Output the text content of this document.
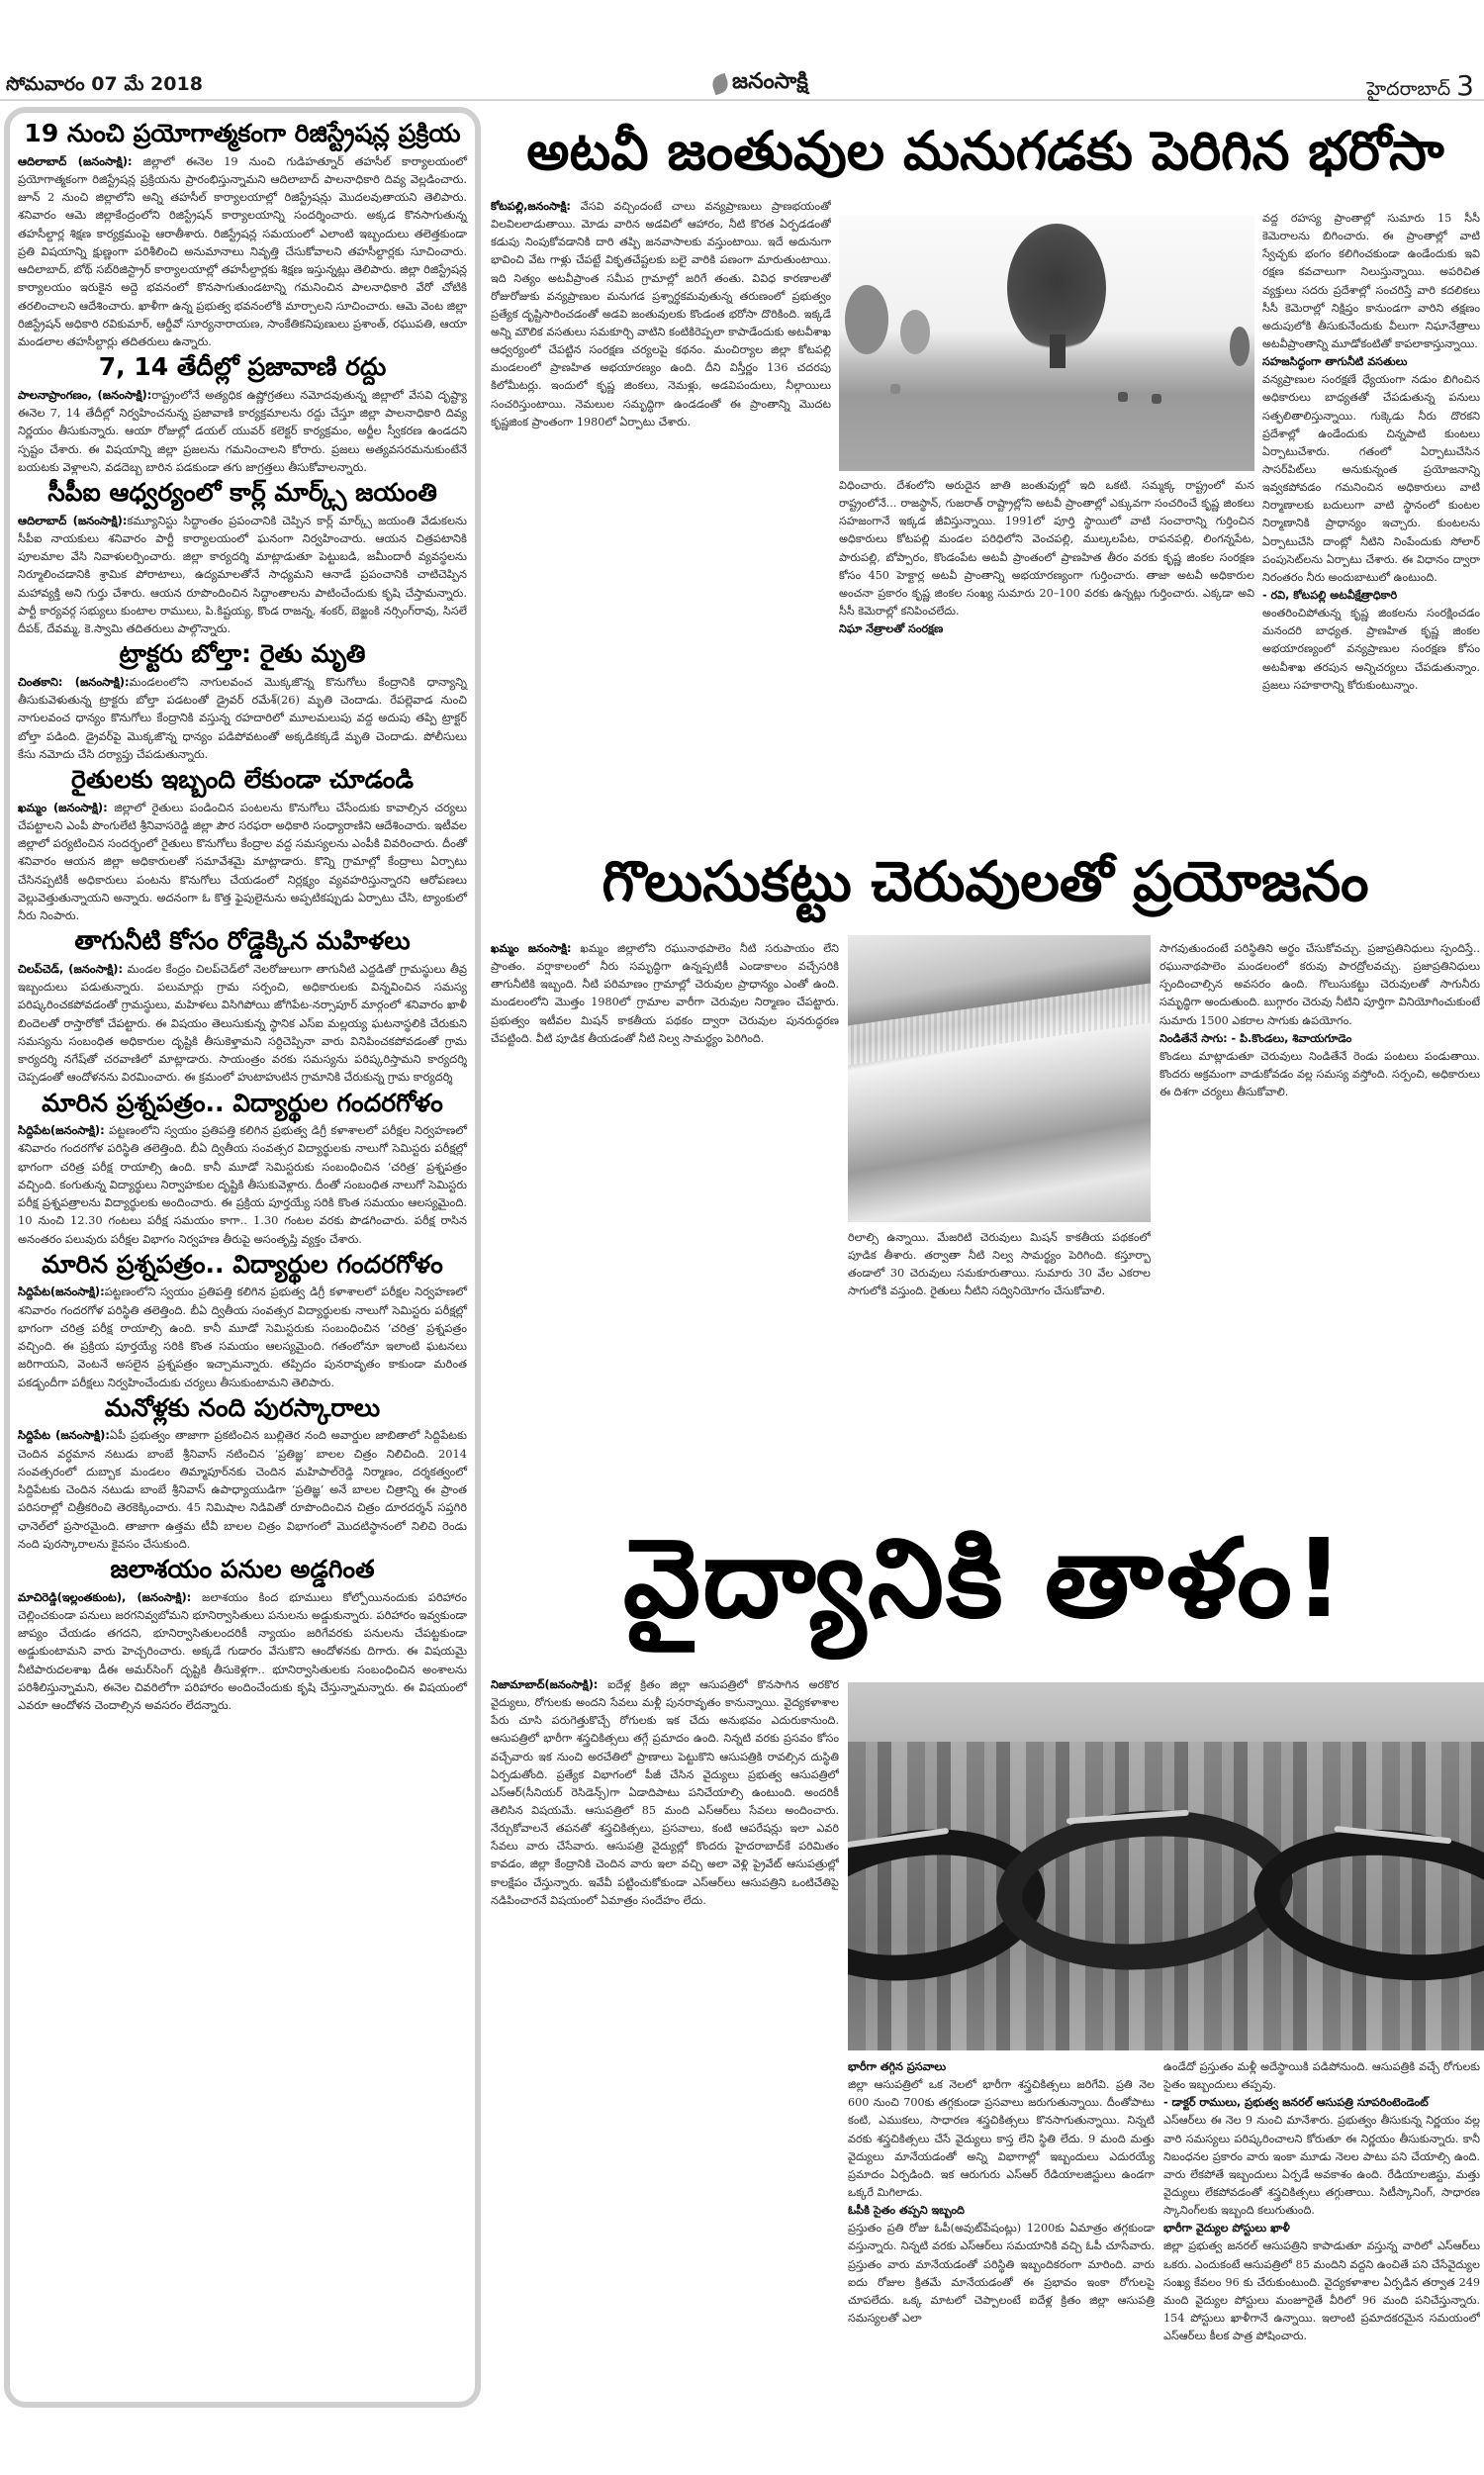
సోమవారం 07 మే 2018	జనంసాక్షి	హైదరాబాద్ 3
19 నుంచి ప్రయోగాత్మకంగా రిజిస్ట్రేషన్ల ప్రక్రియ

ఆదిలాబాద్ (జనంసాక్షి): జిల్లాలో ఈనెల 19 నుంచి గుడిహత్నూర్ తహసీల్ కార్యాలయంలో ప్రయోగాత్మకంగా రిజిస్ట్రేషన్ల ప్రక్రియను ప్రారంభిస్తున్నామని ఆదిలాబాద్ పాలనాధికారి దివ్య వెల్లడించారు. జూన్ 2 నుంచి జిల్లాలోని అన్ని తహసీల్ కార్యాలయాల్లో రిజిస్ట్రేషన్లు మొదలవుతాయని తెలిపారు. శనివారం ఆమె జిల్లాకేంద్రంలోని రిజిస్ట్రేషన్ కార్యాలయాన్ని సందర్శించారు. అక్కడ కొనసాగుతున్న తహసీల్దార్ల శిక్షణ కార్యక్రమంపై ఆరాతీశారు. రిజిస్ట్రేషన్ల సమయంలో ఎలాంటి ఇబ్బందులు తలెత్తకుండా ప్రతి విషయాన్ని క్షుణ్ణంగా పరిశీలించి అనుమానాలు నివృత్తి చేసుకోవాలని తహసీల్దార్లకు సూచించారు. ఆదిలాబాద్, బోథ్ సబ్‌రిజిస్ట్రార్ కార్యాలయాల్లో తహసీల్దార్లకు శిక్షణ ఇస్తున్నట్లు తెలిపారు. జిల్లా రిజిస్ట్రేషన్ల కార్యాలయం ఇరుకైన అద్దె భవనంలో కొనసాగుతుండటాన్ని గమనించిన పాలనాధికారి వేరో చోటికి తరలించాలని ఆదేశించారు. ఖాళీగా ఉన్న ప్రభుత్వ భవనంలోకి మార్చాలని సూచించారు. ఆమె వెంట జిల్లా రిజిస్ట్రేషన్ అధికారి రవికుమార్, ఆర్డీవో సూర్యనారాయణ, సాంకేతికనిపుణులు ప్రశాంత్, రఘుపతి, ఆయా మండలాల తహసీల్దార్లు తదితరులు ఉన్నారు.

7, 14 తేదీల్లో ప్రజావాణి రద్దు

పాలనాప్రాంగణం, (జనంసాక్షి):రాష్ట్రంలోనే అత్యధిక ఉష్ణోగ్రతలు నమోదవుతున్న జిల్లాలో వేసవి దృష్ట్యా ఈనెల 7, 14 తేదీల్లో నిర్వహించనున్న ప్రజావాణి కార్యక్రమాలను రద్దు చేస్తూ జిల్లా పాలనాధికారి దివ్య నిర్ణయం తీసుకున్నారు. ఆయా రోజుల్లో డయల్ యువర్ కలెక్టర్ కార్యక్రమం, అర్జీల స్వీకరణ ఉండదని స్పష్టం చేశారు. ఈ విషయాన్ని జిల్లా ప్రజలను గమనించాలని కోరారు. ప్రజలు అత్యవసరమనుకుంటేనే బయటకు వెళ్లాలని, వడదెబ్బ బారిన పడకుండా తగు జాగ్రత్తలు తీసుకోవాలన్నారు.

సీపీఐ ఆధ్వర్యంలో కార్ల్ మార్క్స్ జయంతి

ఆదిలాబాద్ (జనంసాక్షి):కమ్యూనిస్టు సిద్ధాంతం ప్రపంచానికి చెప్పిన కార్ల్ మార్క్స్ జయంతి వేడుకలను సీపీఐ నాయకులు శనివారం పార్టీ కార్యాలయంలో ఘనంగా నిర్వహించారు. ఆయన చిత్రపటానికి పూలమాల వేసి నివాళులర్పించారు. జిల్లా కార్యదర్శి మాట్లాడుతూ పెట్టుబడి, జమీందారీ వ్యవస్థలను నిర్మూలించడానికి శ్రామిక పోరాటాలు, ఉద్యమాలతోనే సాధ్యమని ఆనాడే ప్రపంచానికి చాటిచెప్పిన మహావ్యక్తి అని గుర్తు చేశారు. ఆయన రూపొందించిన సిద్ధాంతాలను పాటించేందుకు కృషి చేస్తామన్నారు. పార్టీ కార్యవర్గ సభ్యులు కుంటాల రాములు, పి.కిష్టయ్య, కొండ రాజన్న, శంకర్, బెజ్జంకి నర్సింగ్‌రావు, సిసలే దీపక్, దేవమ్మ, కె.స్వామి తదితరులు పాల్గొన్నారు.

ట్రాక్టరు బోల్తా: రైతు మృతి

చింతకాని: (జనంసాక్షి):మండలంలోని నాగులవంచ మొక్కజొన్న కొనుగోలు కేంద్రానికి ధాన్యాన్ని తీసుకువెళుతున్న ట్రాక్టరు బోల్తా పడటంతో డ్రైవర్ రమేశ్(26) మృతి చెందాడు. రేపల్లెవాడ నుంచి నాగులవంచ ధాన్యం కొనుగోలు కేంద్రానికి వస్తున్న రహదారిలో మూలమలుపు వద్ద అదుపు తప్పి ట్రాక్టర్ బోల్తా పడింది. డ్రైవర్‌పై మొక్కజొన్న ధాన్యం పడిపోవటంతో అక్కడికక్కడే మృతి చెందాడు. పోలీసులు కేసు నమోదు చేసి దర్యాప్తు చేపడుతున్నారు.

రైతులకు ఇబ్బంది లేకుండా చూడండి

ఖమ్మం (జనంసాక్షి): జిల్లాలో రైతులు పండించిన పంటలను కొనుగోలు చేసేందుకు కావాల్సిన చర్యలు చేపట్టాలని ఎంపీ పొంగులేటి శ్రీనివాసరెడ్డి జిల్లా పౌర సరఫరా అధికారి సంధ్యారాణిని ఆదేశించారు. ఇటీవల జిల్లాలో పర్యటించిన సందర్భంలో రైతులు కొనుగోలు కేంద్రాల వద్ద సమస్యలను ఎంపీకి వివరించారు. దీంతో శనివారం ఆయన జిల్లా అధికారులతో సమావేశమై మాట్లాడారు. కొన్ని గ్రామాల్లో కేంద్రాలు ఏర్పాటు చేసినప్పటికీ అధికారులు పంటను కొనుగోలు చేయడంలో నిర్లక్ష్యం వ్యవహరిస్తున్నారని ఆరోపణలు వెల్లువెత్తుతున్నాయని అన్నారు. అదనంగా ఓ కొత్త ఫైపులైనును అప్పటికప్పుడు ఏర్పాటు చేసి, ట్యాంకులో నీరు నింపారు.

తాగునీటి కోసం రోడ్డెక్కిన మహిళలు

చిలప్‌చెడ్, (జనంసాక్షి): మండల కేంద్రం చిలప్‌చెడ్‌లో నెలరోజులుగా తాగునీటి ఎద్దడితో గ్రామస్థులు తీవ్ర ఇబ్బందులు పడుతున్నారు. పలుమార్లు గ్రామ సర్పంచి, అధికారులకు విన్నవించిన సమస్య పరిష్కరించకపోవడంతో గ్రామస్థులు, మహిళలు విసిగిపోయి జోగిపేట-నర్సాపూర్ మార్గంలో శనివారం ఖాళీ బిందెలతో రాస్తారోకో చేపట్టారు. ఈ విషయం తెలుసుకున్న స్థానిక ఎస్ఐ మల్లయ్య ఘటనాస్థలికి చేరుకుని సమస్యను సంబంధిత అధికారుల దృష్టికి తీసుకెళ్తామని సర్దిచెప్పినా వారు వినిపించకపోవడంతో గ్రామ కార్యదర్శి నగేష్‌తో చరవాణిలో మాట్లాడారు. సాయంత్రం వరకు సమస్యను పరిష్కరిస్తామని కార్యదర్శి చెప్పడంతో ఆందోళనను విరమించారు. ఈ క్రమంలో హుటాహుటిన గ్రామానికి చేరుకున్న గ్రామ కార్యదర్శి

మారిన ప్రశ్నపత్రం.. విద్యార్థుల గందరగోళం

సిద్దిపేట(జనంసాక్షి): పట్టణంలోని స్వయం ప్రతిపత్తి కలిగిన ప్రభుత్వ డిగ్రీ కళాశాలలో పరీక్షల నిర్వహణలో శనివారం గందరగోళ పరిస్థితి తలెత్తింది. బీఏ ద్వితీయ సంవత్సర విద్యార్థులకు నాలుగో సెమిస్టరు పరీక్షల్లో భాగంగా చరిత్ర పరీక్ష రాయాల్సి ఉంది. కానీ మూడో సెమిస్టరుకు సంబంధించిన ‘చరిత్ర’ ప్రశ్నపత్రం వచ్చింది. కంగుతున్న విద్యార్థులు నిర్వాహకుల దృష్టికి తీసుకువెళ్లారు. దీంతో సంబంధిత నాలుగో సెమిస్టరు పరీక్ష ప్రశ్నపత్రాలను విద్యార్థులకు అందించారు. ఈ ప్రక్రియ పూర్తయ్యే సరికి కొంత సమయం ఆలస్యమైంది. 10 నుంచి 12.30 గంటలు పరీక్ష సమయం కాగా.. 1.30 గంటల వరకు పొడగించారు. పరీక్ష రాసిన అనంతరం పలువురు పరీక్షల విభాగం నిర్వహణ తీరుపై అసంతృప్తి వ్యక్తం చేశారు.

మారిన ప్రశ్నపత్రం.. విద్యార్థుల గందరగోళం

సిద్దిపేట(జనంసాక్షి):పట్టణంలోని స్వయం ప్రతిపత్తి కలిగిన ప్రభుత్వ డిగ్రీ కళాశాలలో పరీక్షల నిర్వహణలో శనివారం గందరగోళ పరిస్థితి తలెత్తింది. బీఏ ద్వితీయ సంవత్సర విద్యార్థులకు నాలుగో సెమిస్టరు పరీక్షల్లో భాగంగా చరిత్ర పరీక్ష రాయాల్సి ఉంది. కానీ మూడో సెమిస్టరుకు సంబంధించిన ‘చరిత్ర’ ప్రశ్నపత్రం వచ్చింది. ఈ ప్రక్రియ పూర్తయ్యే సరికి కొంత సమయం ఆలస్యమైంది. గతంలోనూ ఇలాంటి ఘటనలు జరిగాయని, వెంటనే అసలైన ప్రశ్నపత్రం ఇచ్చామన్నారు. తప్పిదం పునరావృతం కాకుండా మరింత పకడ్బందీగా పరీక్షలు నిర్వహించేందుకు చర్యలు తీసుకుంటామని తెలిపారు.

మనోళ్లకు నంది పురస్కారాలు

సిద్దిపేట (జనంసాక్షి):ఏపీ ప్రభుత్వం తాజాగా ప్రకటించిన బుల్లితెర నంది అవార్డుల జాబితాలో సిద్దిపేటకు చెందిన వర్ధమాన నటుడు బాంబే శ్రీనివాస్ నటించిన ‘ప్రతిజ్ఞ’ బాలల చిత్రం నిలిచింది. 2014 సంవత్సరంలో దుబ్బాక మండలం తిమ్మాపూర్‌నకు చెందిన మహిపాల్‌రెడ్డి నిర్మాణం, దర్శకత్వంలో సిద్దిపేటకు చెందిన నటుడు బాంబే శ్రీనివాస్ ఉపాధ్యాయుడిగా ‘ప్రతిజ్ఞ’ అనే బాలల చిత్రాన్ని ఈ ప్రాంత పరిసరాల్లో చిత్రీకరించి తెరకెక్కించారు. 45 నిమిషాల నిడివితో రూపొందించిన చిత్రం దూరదర్శన్ సప్తగిరి ఛానెల్‌లో ప్రసారమైంది. తాజాగా ఉత్తమ టీవీ బాలల చిత్రం విభాగంలో మొదటిస్థానంలో నిలిచి రెండు నంది పురస్కారాలను కైవసం చేసుకుంది.

జలాశయం పనుల అడ్డగింత

మాచిరెడ్డి(ఇల్లంతకుంట), (జనంసాక్షి): జలాశయం కింద భూములు కోల్పోయినందుకు పరిహారం చెల్లించకుండా పనులు జరగనివ్వబోమని భూనిర్వాసితులు పనులను అడ్డుకున్నారు. పరిహారం ఇవ్వకుండా జాప్యం చేయడం తగదని, భూనిర్వాసితులందరికీ న్యాయం జరిగేవరకు పనులను చేపట్టకుండా అడ్డుకుంటామని వారు హెచ్చరించారు. అక్కడే గుడారం వేసుకొని ఆందోళనకు దిగారు. ఈ విషయమై నీటిపారుదలశాఖ డీఈ అమర్‌సింగ్ దృష్టికి తీసుకెళ్లగా.. భూనిర్వాసితులకు సంబంధించిన అంశాలను పరిశీలిస్తున్నామని, ఈనెల చివరిలోగా పరిహారం అందించేందుకు కృషి చేస్తున్నామన్నారు. ఈ విషయంలో ఎవరూ ఆందోళన చెందాల్సిన అవసరం లేదన్నారు.

అటవీ జంతువుల మనుగడకు పెరిగిన భరోసా
కోటపల్లి,జనంసాక్షి: వేసవి వచ్చిందంటే చాలు వన్యప్రాణులు ప్రాణభయంతో విలవిలలాడుతాయి. మోడు వారిన అడవిలో ఆహారం, నీటి కొరత ఏర్పడడంతో కడుపు నింపుకోవడానికి దారి తప్పి జనవాసాలకు వస్తుంటాయి. ఇదే అదునుగా భావించి వేట గాళ్లు చేపట్టే వికృతచేష్టలకు బలై వారికి పణంగా మారుతుంటాయి. ఇది నిత్యం అటవీప్రాంత సమీప గ్రామాల్లో జరిగే తంతు. వివిధ కారణాలతో రోజురోజుకు వన్యప్రాణుల మనుగడ ప్రశ్నార్థకమవుతున్న తరుణంలో ప్రభుత్వం ప్రత్యేక దృష్టిసారించడంతో అడవి జంతువులకు కొండంత భరోసా దొరికింది. ఇక్కడే అన్ని మౌలిక వసతులు సమకూర్చి వాటిని కంటికిరెప్పలా కాపాడేందుకు అటవీశాఖ ఆధ్వర్యంలో చేపట్టిన సంరక్షణ చర్యలపై కథనం. మంచిర్యాల జిల్లా కోటపల్లి మండలంలో ప్రాణహిత అభయారణ్యం ఉంది. దీని విస్తీర్ణం 136 చదరపు కిలోమీటర్లు. ఇందులో కృష్ణ జింకలు, నెమళ్లు, అడవిపందులు, నీల్గాయిలు సంచరిస్తుంటాయి. నెమలుల సమృద్ధిగా ఉండడంతో ఈ ప్రాంతాన్ని మొదట కృష్ణజింక ప్రాంతంగా 1980లో ఏర్పాటు చేశారు.
విధించారు. దేశంలోని అరుదైన జాతి జంతువుల్లో ఇది ఒకటి. సమ్మక్క రాష్ట్రంలో మన రాష్ట్రంలోనే... రాజస్థాన్, గుజరాత్ రాష్ట్రాల్లోని అటవీ ప్రాంతాల్లో ఎక్కువగా సంచరించే కృష్ణ జింకలు సహజంగానే ఇక్కడ జీవిస్తున్నాయి. 1991లో పూర్తి స్థాయిలో వాటి సంచారాన్ని గుర్తించిన అధికారులు కోటపల్లి మండల పరిధిలోని వెంచపల్లి, ముల్కలపేట, రాపనపల్లి, లింగన్నపేట, పారుపల్లి, బోప్పారం, కొండంపేట అటవీ ప్రాంతంలో ప్రాణహిత తీరం వరకు కృష్ణ జింకల సంరక్షణ కోసం 450 హెక్టార్ల అటవీ ప్రాంతాన్ని అభయారణ్యంగా గుర్తించారు. తాజా అటవీ అధికారుల అంచనా ప్రకారం కృష్ణ జింకల సంఖ్య సుమారు 20–100 వరకు ఉన్నట్లు గుర్తించారు. ఎక్కడా అవి సీసీ కెమెరాల్లో కనిపించలేదు.
నిఘా నేత్రాలతో సంరక్షణ
వద్ద రహస్య ప్రాంతాల్లో సుమారు 15 సీసీ కెమెరాలను బిగించారు. ఈ ప్రాంతాల్లో వాటి స్వేచ్ఛకు భంగం కలిగించకుండా ఉండేందుకు ఇవి రక్షణ కవచాలుగా నిలుస్తున్నాయి. అపరిచిత వ్యక్తులు సదరు ప్రదేశాల్లో సంచరిస్తే వారి కదలికలు సీసీ కెమెరాల్లో నిక్షిప్తం కానుండగా వారిని తక్షణం అదుపులోకి తీసుకునేందుకు వీలుగా నిఘానేత్రాలు అటవీప్రాంతాన్ని మూడోకంటితో కాపలాకాస్తున్నాయి.
సహజసిద్ధంగా తాగునీటి వసతులు
వన్యప్రాణుల సంరక్షణే ధ్యేయంగా నడుం బిగించిన అధికారులు బాధ్యతతో చేపడుతున్న పనులు సత్ఫలితాలిస్తున్నాయి. గుక్కెడు నీరు దొరకని ప్రదేశాల్లో ఉండేందుకు చిన్నపాటి కుంటలు ఏర్పాటుచేశారు. గతంలో ఏర్పాటుచేసిన సాసర్‌పిట్‌లు అనుకున్నంత ప్రయోజనాన్ని ఇవ్వకపోవడం గమనించిన అధికారులు వాటి నిర్మాణాలకు బదులుగా వాటి స్థానంలో కుంటల నిర్మాణానికి ప్రాధాన్యం ఇచ్చారు. కుంటలను ఏర్పాటుచేసి దాంట్లో నీటిని నింపేందుకు సోలార్ పంపుసెట్‌లను ఏర్పాటు చేశారు. ఈ విధానం ద్వారా నిరంతరం నీరు అందుబాటులో ఉంటుంది.
- రవి, కోటపల్లి అటవీక్షేత్రాధికారి
అంతరించిపోతున్న కృష్ణ జింకలను సంరక్షించడం మనందరి బాధ్యత. ప్రాణహిత కృష్ణ జింకల అభయారణ్యంలో వన్యప్రాణుల సంరక్షణ కోసం అటవీశాఖ తరపున అన్నిచర్యలు చేపడుతున్నాం. ప్రజలు సహకారాన్ని కోరుకుంటున్నాం.
గొలుసుకట్టు చెరువులతో ప్రయోజనం
ఖమ్మం జనంసాక్షి: ఖమ్మం జిల్లాలోని రఘునాథపాలెం నీటి సరుపాయం లేని ప్రాంతం. వర్షాకాలంలో నీరు సమృద్ధిగా ఉన్నప్పటికీ ఎండాకాలం వచ్చేసరికి తాగునీటికి ఇబ్బంది. నీటి పరిమాణం గ్రామాల్లో చెరువుల ప్రాధాన్యం ఎంతో ఉంది. మండలంలోని మొత్తం 1980లో గ్రామాల వారీగా చెరువుల నిర్మాణం చేపట్టారు. ప్రభుత్వం ఇటీవల మిషన్ కాకతీయ పథకం ద్వారా చెరువుల పునరుద్ధరణ చేపట్టింది. వీటి పూడిక తీయడంతో నీటి నిల్వ సామర్థ్యం పెరిగింది.
రిలాల్సి ఉన్నాయి. మేజరిటి చెరువులు మిషన్ కాకతీయ పథకంలో పూడిక తీశారు. తర్వాతా నీటి నిల్వ సామర్థ్యం పెరిగింది. కస్తూర్బా తండాలో 30 చెరువులు సమకూరుతాయి. సుమారు 30 వేల ఎకరాల సాగులోకి వస్తుంది. రైతులు నీటిని సద్వినియోగం చేసుకోవాలి.
సాగవుతుందంటే పరిస్థితిని అర్థం చేసుకోవచ్చు. ప్రజాప్రతినిధులు స్పందిస్తే.. రఘునాథపాలెం మండలంలో కరువు పారద్రోలవచ్చు. ప్రజాప్రతినిధులు స్పందించాల్సిన అవసరం ఉంది. గొలుసుకట్టు చెరువులతో సాగునీరు సమృద్ధిగా అందుతుంది. బుగ్గారం చెరువు నీటిని పూర్తిగా వినియోగించుకుంటే సుమారు 1500 ఎకరాల సాగుకు ఉపయోగం.
నిండితేనే సాగు: - పి.కొండలు, శివాయగూడెం
కొండలు మాట్లాడుతూ చెరువులు నిండితేనే రెండు పంటలు పండుతాయి. కొందరు అక్రమంగా వాడుకోవడం వల్ల సమస్య వస్తోంది. సర్పంచి, అధికారులు ఈ దిశగా చర్యలు తీసుకోవాలి.
వైద్యానికి తాళం!
నిజామాబాద్(జనంసాక్షి): ఐదేళ్ల క్రితం జిల్లా ఆసుపత్రిలో కొనసాగిన అరకొర వైద్యులు, రోగులకు అందని సేవలు మళ్లీ పునరావృతం కానున్నాయి. వైద్యకళాశాల పేరు చూసి పరుగెత్తుకొచ్చే రోగులకు ఇక చేదు అనుభవం ఎదురుకానుంది. ఆసుపత్రిలో భారీగా శస్త్రచికిత్సలు తగ్గే ప్రమాదం ఉంది. నిన్నటి వరకు ప్రసవం కోసం వచ్చేవారు ఇక నుంచి అరచేతిలో ప్రాణాలు పెట్టుకొని ఆసుపత్రికి రావల్సిన దుస్థితి ఏర్పడుతోంది. ప్రత్యేక విభాగంలో పీజీ చేసిన వైద్యులు ప్రభుత్వ ఆసుపత్రిలో ఎస్ఆర్(సీనియర్ రెసిడెన్స్)గా ఏడాదిపాటు పనిచేయాల్సి ఉంటుంది. అందరికీ తెలిసిన విషయమే. ఆసుపత్రిలో 85 మంది ఎస్ఆర్‌లు సేవలు అందించారు. నేర్చుకోవాలనే తపనతో శస్త్రచికిత్సలు, ప్రసవాలు, కంటి ఆపరేషన్లు ఇలా ఎవరి సేవలు వారు చేసేవారు. ఆసుపత్రి వైద్యుల్లో కొందరు హైదరాబాద్‌కే పరిమితం కావడం, జిల్లా కేంద్రానికి చెందిన వారు ఇలా వచ్చి అలా వెళ్లి ప్రైవేట్ ఆసుపత్రుల్లో కాలక్షేపం చేస్తున్నారు. ఇవేవీ పట్టించుకోకుండా ఎస్ఆర్‌లు ఆసుపత్రిని ఒంటిచేతిపై నడిపించారనే విషయంలో ఏమాత్రం సందేహం లేదు.
భారీగా తగ్గిన ప్రసవాలు
జిల్లా ఆసుపత్రిలో ఒక నెలలో భారీగా శస్త్రచికిత్సలు జరిగేవి. ప్రతి నెల 600 నుంచి 700కు తగ్గకుండా ప్రసవాలు జరుగుతున్నాయి. దీంతోపాటు కంటి, ఎముకలు, సాధారణ శస్త్రచికిత్సలు కొనసాగుతున్నాయి. నిన్నటి వరకు శస్త్రచికిత్సలు చేసే వైద్యులు కాస్త లేని స్థితి లేదు. 9 మంది మత్తు వైద్యులు మానేయడంతో అన్ని విభాగాల్లో ఇబ్బందులు ఎదురయ్యే ప్రమాదం ఏర్పడింది. ఇక ఆరుగురు ఎస్ఆర్ రేడియాలజిస్టులు ఉండగా ఒక్కరే మిగిలాడు.
ఓపీకి సైతం తప్పని ఇబ్బంది
ప్రస్తుతం ప్రతి రోజు ఓపీ(అవుట్‌పేషంట్లు) 1200కు ఏమాత్రం తగ్గకుండా వస్తున్నారు. నిన్నటి వరకు ఎస్ఆర్‌లు సమయానికి వచ్చి ఓపీ చూసేవారు. ప్రస్తుతం వారు మానేయడంతో పరిస్థితి ఇబ్బందికరంగా మారింది. వారు ఐదు రోజుల క్రితమే మానేయడంతో ఈ ప్రభావం ఇంకా రోగులపై చూపలేదు. ఒక్క మాటలో చెప్పాలంటే ఐదేళ్ల క్రితం జిల్లా ఆసుపత్రి సమస్యలతో ఎలా
ఉండేదో ప్రస్తుతం మళ్లీ అదేస్థాయికి పడిపోనుంది. ఆసుపత్రికి వచ్చే రోగులకు సైతం ఇబ్బందులు తప్పవు.
- డాక్టర్ రాములు, ప్రభుత్వ జనరల్ ఆసుపత్రి సూపరింటెండెంట్
ఎస్ఆర్‌లు ఈ నెల 9 నుంచి మానేశారు. ప్రభుత్వం తీసుకున్న నిర్ణయం వల్ల వారి సమస్యలు పరిష్కరించాలని కోరుతూ ఈ నిర్ణయం తీసుకున్నారు. కానీ నిబంధనల ప్రకారం వారు ఇంకా మూడు నెలల పాటు పని చేయాల్సి ఉంది. వారు లేకపోతే ఇబ్బందులు ఏర్పడే అవకాశం ఉంది. రేడియాలజిస్టు, మత్తు వైద్యులు లేకపోవడంతో శస్త్రచికిత్సలు తగ్గుతాయి. సిటీస్కానింగ్, సాధారణ స్కానింగ్‌లకు ఇబ్బంది కలుగుతుంది.
భారీగా వైద్యుల పోస్టులు ఖాళీ
జిల్లా ప్రభుత్వ జనరల్ ఆసుపత్రిని కాపాడుతూ వస్తున్న వారిలో ఎస్ఆర్‌లు ఒకరు. ఎందుకంటే ఆసుపత్రిలో 85 మందిని వద్దని ఉంచితే పని చేసేవైద్యుల సంఖ్య కేవలం 96 కు చేరుకుంటుంది. వైద్యకళాశాల ఏర్పడిన తర్వాత 249 మంది వైద్యుల పోస్టులు మంజూరైతే వీరిలో 96 మంది పనిచేస్తున్నారు. 154 పోస్టులు ఖాళీగానే ఉన్నాయి. ఇలాంటి ప్రమాదకరమైన సమయంలో ఎస్ఆర్‌లు కీలక పాత్ర పోషించారు.
